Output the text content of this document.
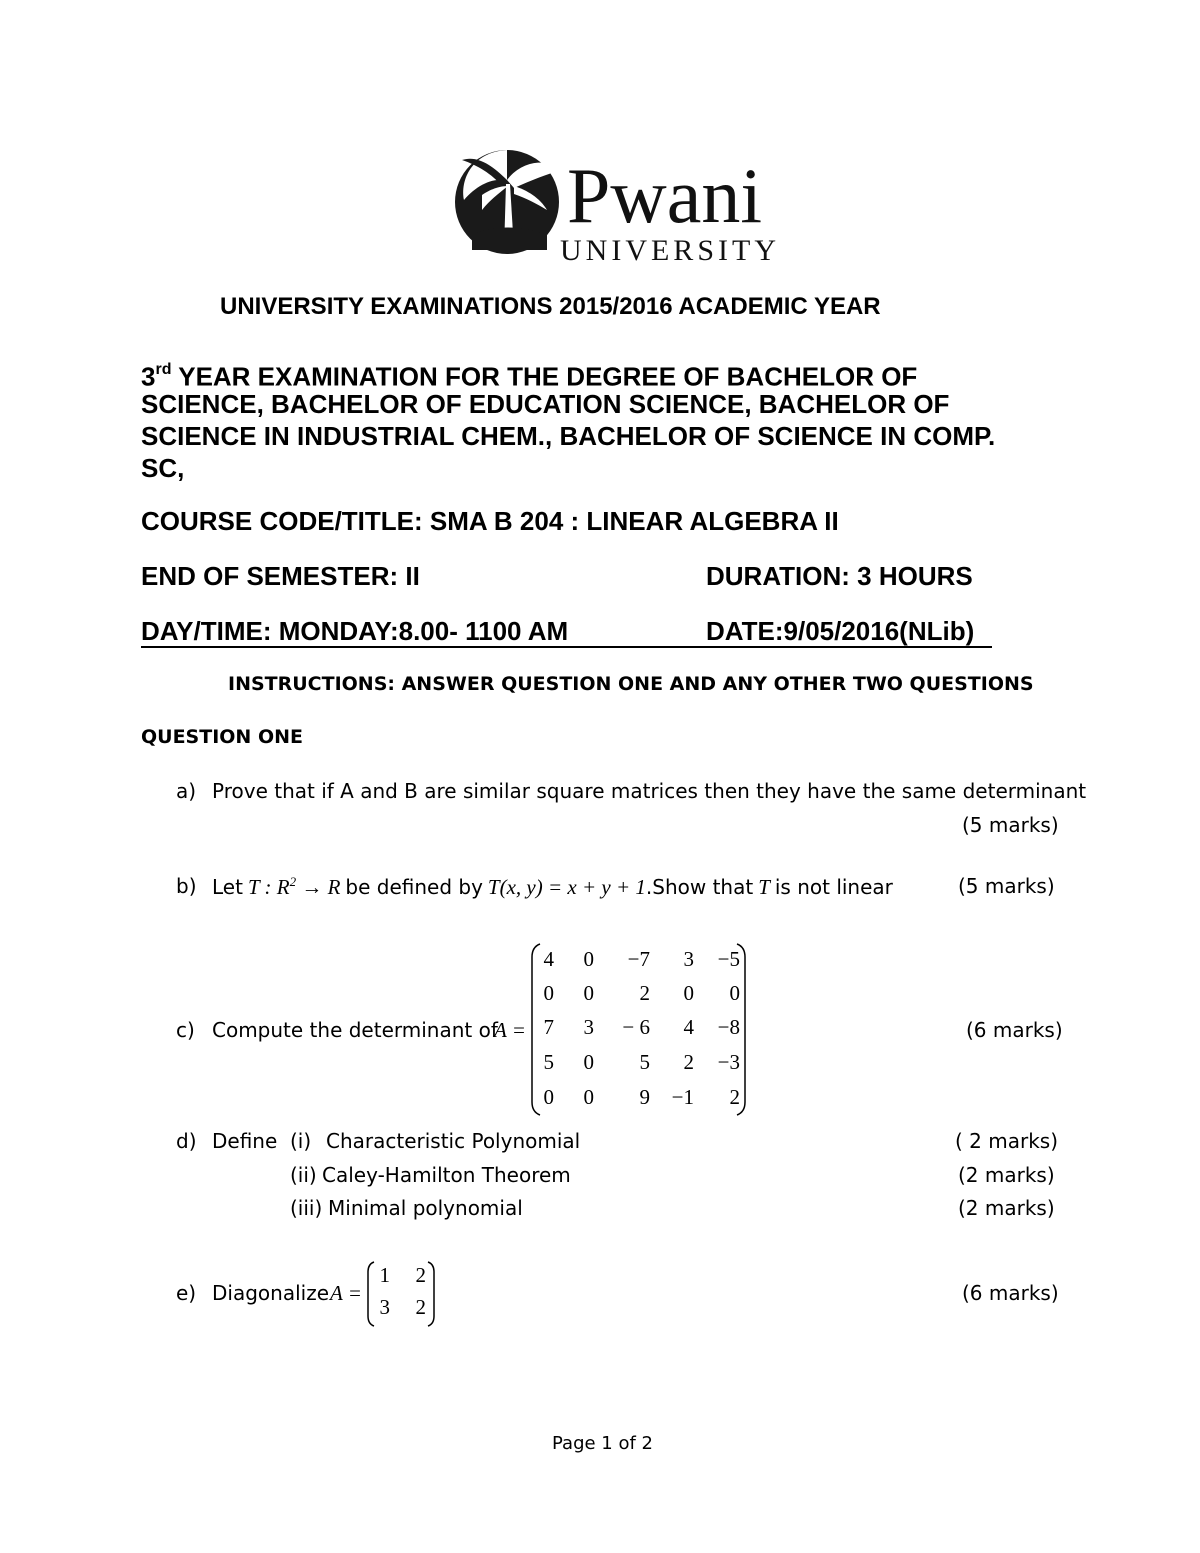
Pwani
UNIVERSITY
UNIVERSITY EXAMINATIONS 2015/2016 ACADEMIC YEAR
3rd YEAR EXAMINATION FOR THE DEGREE OF BACHELOR OF
SCIENCE, BACHELOR OF EDUCATION SCIENCE, BACHELOR OF
SCIENCE IN INDUSTRIAL CHEM., BACHELOR OF SCIENCE IN COMP.
SC,
COURSE CODE/TITLE: SMA B 204 : LINEAR ALGEBRA II
END OF SEMESTER: II	DURATION: 3 HOURS
DAY/TIME: MONDAY:8.00- 1100 AM	DATE:9/05/2016(NLib)
INSTRUCTIONS: ANSWER QUESTION ONE AND ANY OTHER TWO QUESTIONS
QUESTION ONE
a) Prove that if A and B are similar square matrices then they have the same determinant
(5 marks)
b) Let T : $R^2 \to R$ be defined by T(x, y) = x + y + 1.Show that T is not linear	(5 marks)
c) Compute the determinant of
A =	(6 marks)
4	0	−7	3	−5
0	0	2	0	0
7	3	− 6	4	−8
5	0	5	2	−3
0	0	9	−1	2
d) Define (i) Characteristic Polynomial	( 2 marks)
(ii) Caley-Hamilton Theorem	(2 marks)
(iii) Minimal polynomial	(2 marks)
e) Diagonalize A =	(6 marks)
1	2
3	2
Page 1 of 2
